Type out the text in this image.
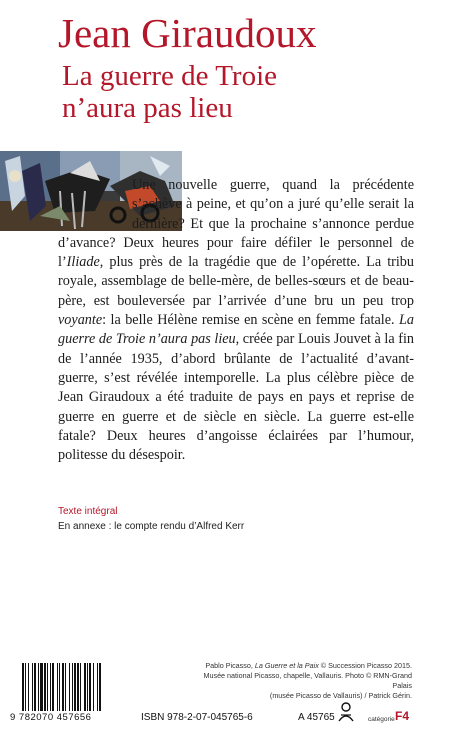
Jean Giraudoux
La guerre de Troie
n’aura pas lieu

Une nouvelle guerre, quand la précédente s’achève à peine, et qu’on a juré qu’elle serait la dernière? Et que la prochaine s’annonce perdue d’avance? Deux heures pour faire défiler le personnel de l’Iliade, plus près de la tragédie que de l’opérette. La tribu royale, assemblage de belle-mère, de belles-sœurs et de beau-père, est bouleversée par l’arrivée d’une bru un peu trop voyante: la belle Hélène remise en scène en femme fatale. La guerre de Troie n’aura pas lieu, créée par Louis Jouvet à la fin de l’année 1935, d’abord brûlante de l’actualité d’avant-guerre, s’est révélée intemporelle. La plus célèbre pièce de Jean Giraudoux a été traduite de pays en pays et reprise de guerre en guerre et de siècle en siècle. La guerre est-elle fatale? Deux heures d’angoisse éclairées par l’humour, politesse du désespoir.

Texte intégral

En annexe : le compte rendu d’Alfred Kerr

Pablo Picasso, La Guerre et la Paix © Succession Picasso 2015.
Musée national Picasso, chapelle, Vallauris. Photo © RMN-Grand Palais
(musée Picasso de Vallauris) / Patrick Gérin.

9 782070 457656	ISBN 978-2-07-045765-6	A 45765	catégorie F4
